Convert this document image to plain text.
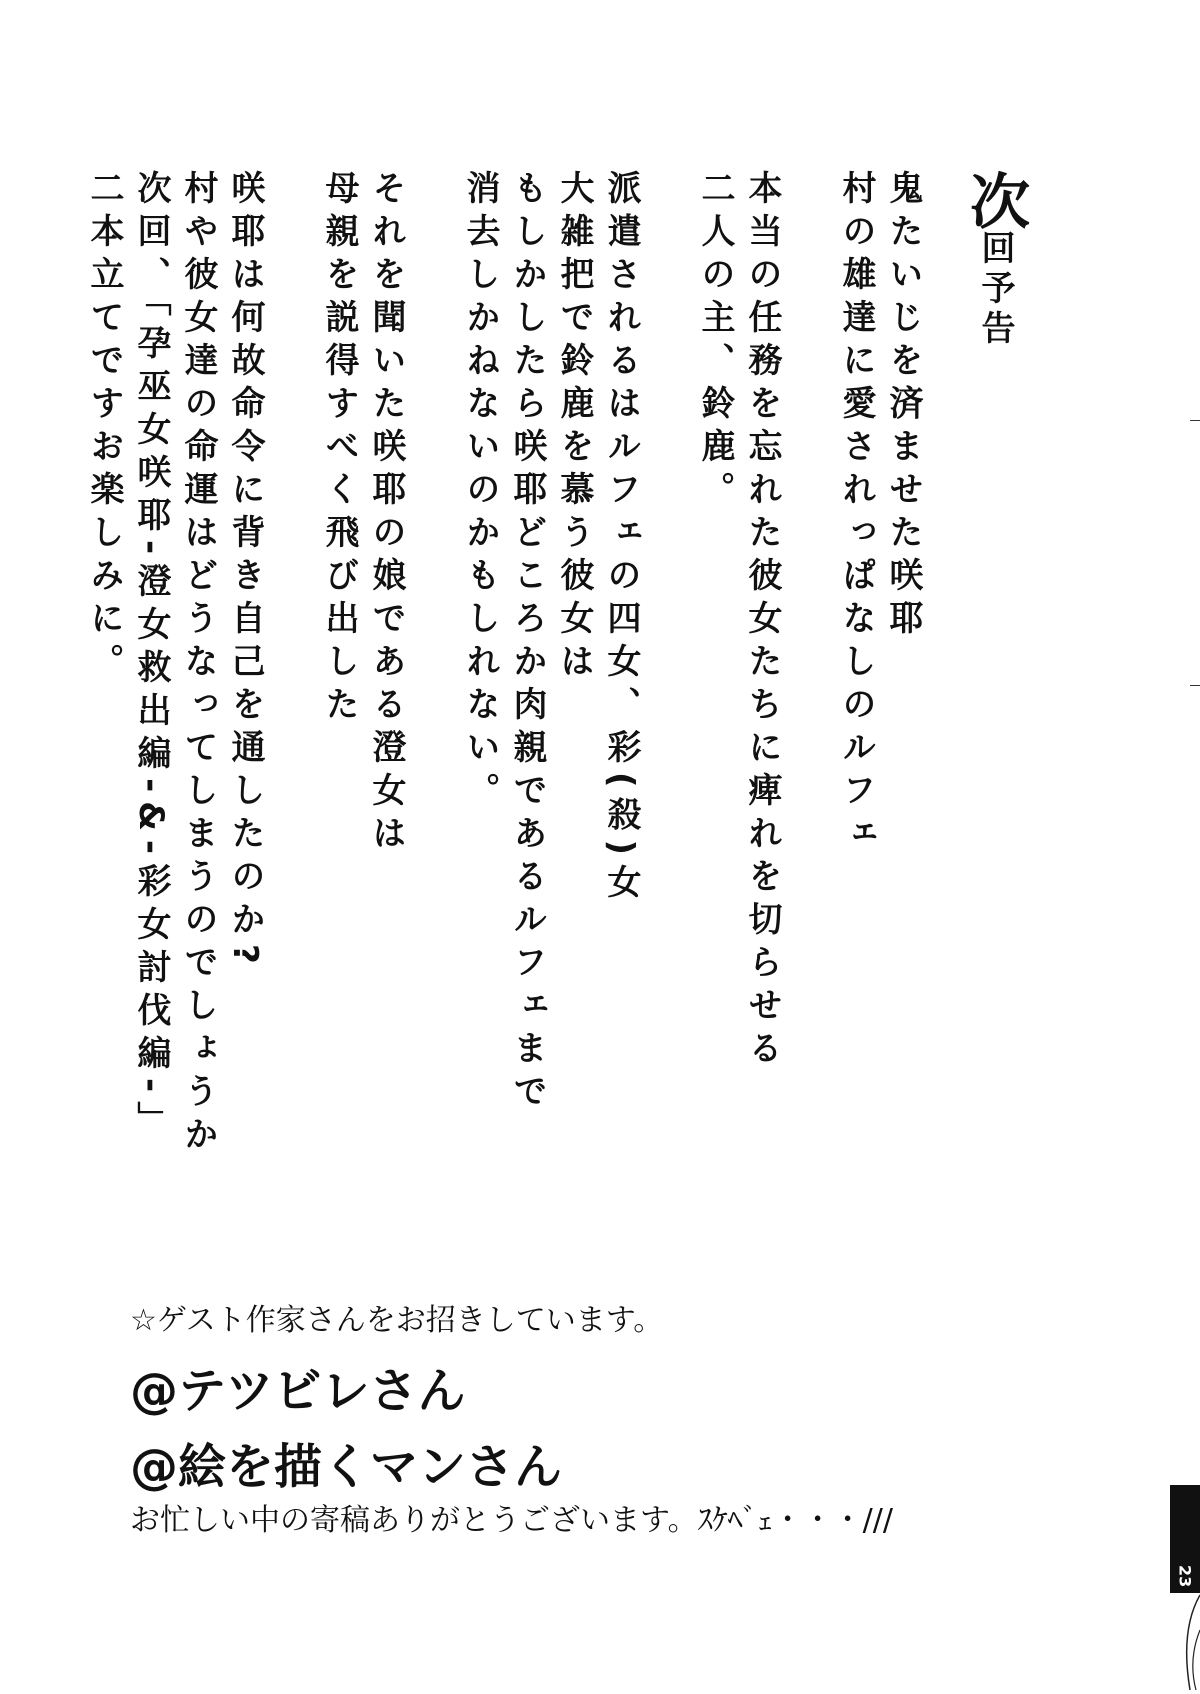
次回予告
鬼たいじを済ませた咲耶
村の雄達に愛されっぱなしのルフェ
本当の任務を忘れた彼女たちに痺れを切らせる
二人の主、鈴鹿。
派遣されるはルフェの四女、彩(殺)女
大雑把で鈴鹿を慕う彼女は
もしかしたら咲耶どころか肉親であるルフェまで
消去しかねないのかもしれない。
それを聞いた咲耶の娘である澄女は
母親を説得すべく飛び出した
咲耶は何故命令に背き自己を通したのか?
村や彼女達の命運はどうなってしまうのでしょうか
次回、「孕巫女咲耶-澄女救出編-&-彩女討伐編-」
二本立てですお楽しみに。
☆ゲスト作家さんをお招きしています。
@テツビレさん
@絵を描くマンさん
お忙しい中の寄稿ありがとうございます。ｽｹﾍﾞｪ・・・///
23
